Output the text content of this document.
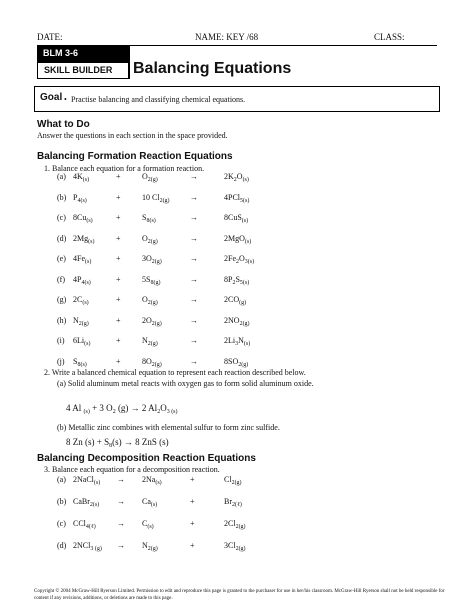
DATE:	NAME: KEY /68	CLASS:
BLM 3-6
SKILL BUILDER	Balancing Equations
Goal • Practise balancing and classifying chemical equations.
What to Do
Answer the questions in each section in the space provided.
Balancing Formation Reaction Equations
1. Balance each equation for a formation reaction.
(a) $4K_{(s)}$	+	$O_{2(g)}$	→	$2K_2O_{(s)}$
(b) $P_{4(s)}$	+	10 $Cl_{2(g)}$	→	4PCl$_{5(s)}$
(c) $8Cu_{(s)}$	+	$S_{8(s)}$	→	8CuS$_{(s)}$
(d) $2Mg_{(s)}$	+	$O_{2(g)}$	→	2MgO$_{(s)}$
(e) $4Fe_{(s)}$	+	$3O_{2(g)}$	→	$2Fe_2O_{3(s)}$
(f) $4P_{4(s)}$	+	$5S_{8(g)}$	→	$8P_2S_{5(s)}$
(g) $2C_{(s)}$	+	$O_{2(g)}$	→	$2CO_{(g)}$
(h) $N_{2(g)}$	+	$2O_{2(g)}$	→	$2NO_{2(g)}$
(i) $6Li_{(s)}$	+	$N_{2(g)}$	→	$2Li_3N_{(s)}$
(j) $S_{8(s)}$	+	$8O_{2(g)}$	→	$8SO_{2(g)}$
2. Write a balanced chemical equation to represent each reaction described below.
(a) Solid aluminum metal reacts with oxygen gas to form solid aluminum oxide.
4 Al $_{(s)}$ + 3 $O_2$ (g) → 2 $Al_2O_{3 (s)}$
(b) Metallic zinc combines with elemental sulfur to form zinc sulfide.
8 Zn $(s) + S_8(s) \to 8$ ZnS (s)
Balancing Decomposition Reaction Equations
3. Balance each equation for a decomposition reaction.
(a) 2NaCl$_{(s)}$ → $2Na_{(s)}$	+	$Cl_{2(g)}$
(b) CaBr$_{2(s)}$ → $Ca_{(s)}$	+	$Br_{2(\ell)}$
(c) CCl$_{4(\ell)}$	→ $C_{(s)}$	+	$2Cl_{2(g)}$
(d) $2NCl_{3 (g)} \to N_{2(g)}$	+	$3Cl_{2(g)}$
Copyright © 2004 McGraw-Hill Ryerson Limited. Permission to edit and reproduce this page is granted to the purchaser for use in her/his classroom. McGraw-Hill Ryerson shall not be held responsible for content if any revisions, additions, or deletions are made to this page.
